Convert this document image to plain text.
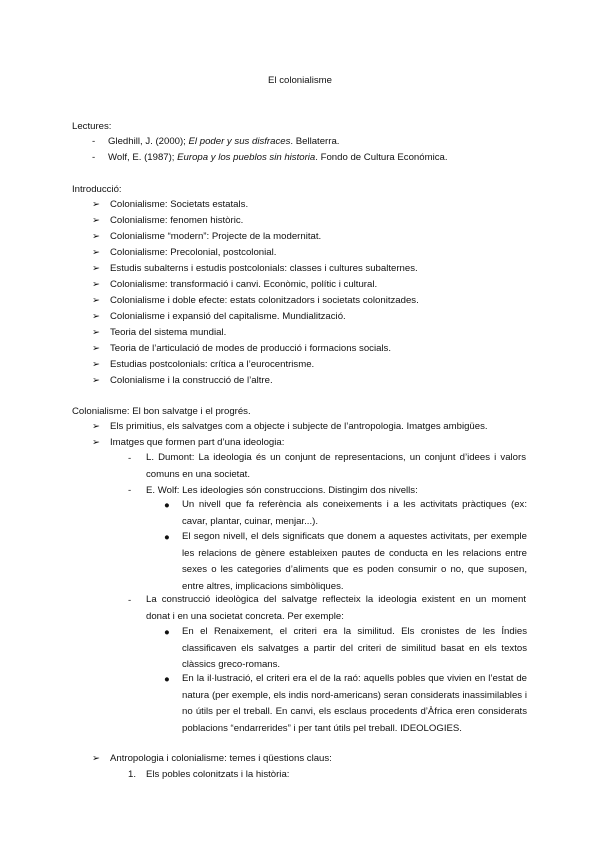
El colonialisme
Lectures:
- Gledhill, J. (2000); El poder y sus disfraces. Bellaterra.
- Wolf, E. (1987); Europa y los pueblos sin historia. Fondo de Cultura Económica.
Introducció:
➢ Colonialisme: Societats estatals.
➢ Colonialisme: fenomen històric.
➢ Colonialisme “modern”: Projecte de la modernitat.
➢ Colonialisme: Precolonial, postcolonial.
➢ Estudis subalterns i estudis postcolonials: classes i cultures subalternes.
➢ Colonialisme: transformació i canvi. Econòmic, polític i cultural.
➢ Colonialisme i doble efecte: estats colonitzadors i societats colonitzades.
➢ Colonialisme i expansió del capitalisme. Mundialització.
➢ Teoria del sistema mundial.
➢ Teoria de l’articulació de modes de producció i formacions socials.
➢ Estudias postcolonials: crítica a l’eurocentrisme.
➢ Colonialisme i la construcció de l’altre.
Colonialisme: El bon salvatge i el progrés.
➢ Els primitius, els salvatges com a objecte i subjecte de l’antropologia. Imatges ambigües.
➢ Imatges que formen part d’una ideologia:
- L. Dumont: La ideologia és un conjunt de representacions, un conjunt d’idees i valors comuns en una societat.

- E. Wolf: Les ideologies són construccions. Distingim dos nivells:
● Un nivell que fa referència als coneixements i a les activitats pràctiques (ex: cavar, plantar, cuinar, menjar...).

● El segon nivell, el dels significats que donem a aquestes activitats, per exemple les relacions de gènere estableixen pautes de conducta en les relacions entre sexes o les categories d’aliments que es poden consumir o no, que suposen, entre altres, implicacions simbòliques.

- La construcció ideològica del salvatge reflecteix la ideologia existent en un moment donat i en una societat concreta. Per exemple:

● En el Renaixement, el criteri era la similitud. Els cronistes de les Índies classificaven els salvatges a partir del criteri de similitud basat en els textos clàssics greco-romans.

● En la il·lustració, el criteri era el de la raó: aquells pobles que vivien en l’estat de natura (per exemple, els indis nord-americans) seran considerats inassimilables i no útils per el treball. En canvi, els esclaus procedents d’Àfrica eren considerats poblacions “endarrerides” i per tant útils pel treball. IDEOLOGIES.

➢ Antropologia i colonialisme: temes i qüestions claus:
1. Els pobles colonitzats i la història:
